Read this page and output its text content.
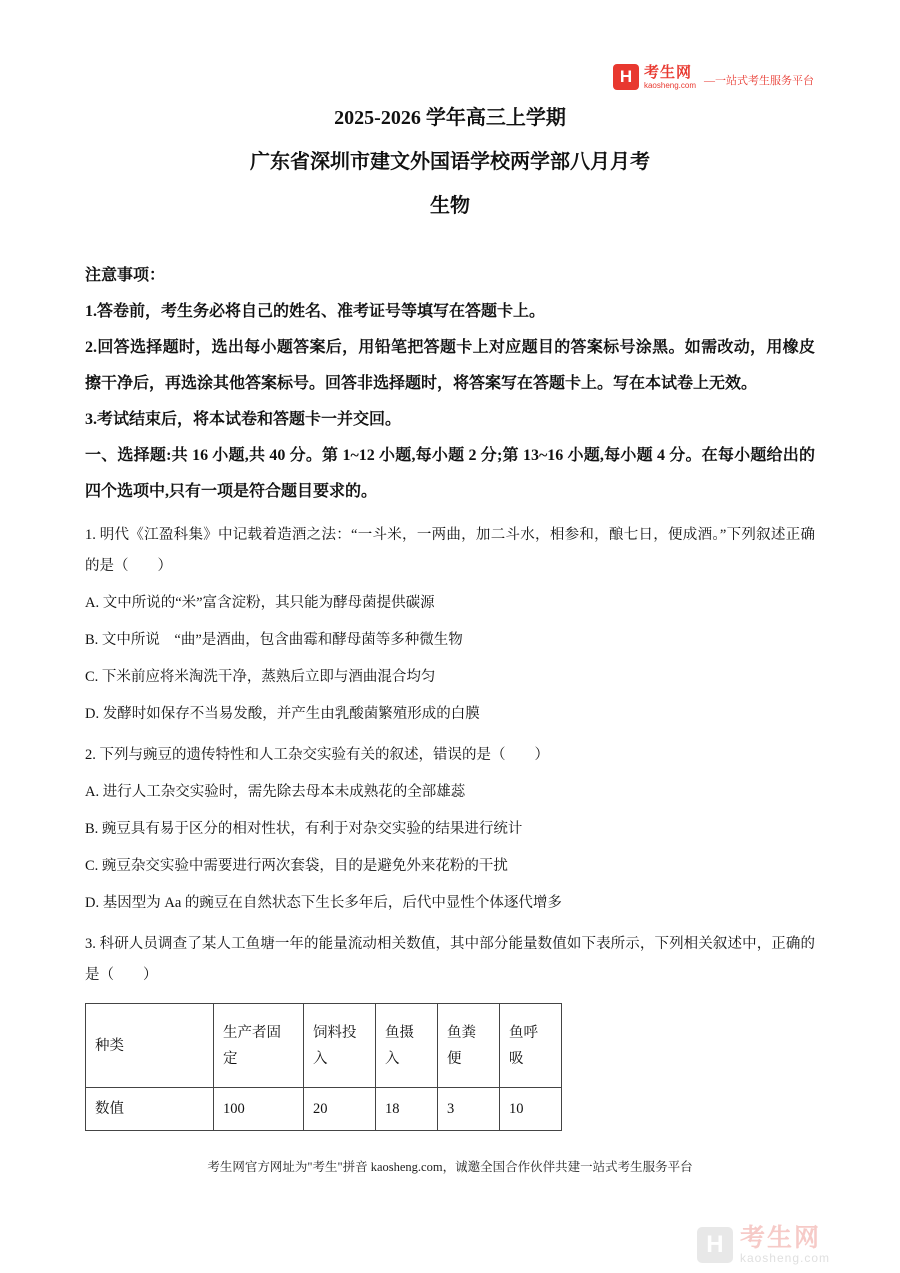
H 考生网
kaosheng.com —一站式考生服务平台
2025-2026 学年高三上学期
广东省深圳市建文外国语学校两学部八月月考
生物

注意事项：

1.答卷前，考生务必将自己的姓名、准考证号等填写在答题卡上。

2.回答选择题时，选出每小题答案后，用铅笔把答题卡上对应题目的答案标号涂黑。如需改动，用橡皮擦干净后，再选涂其他答案标号。回答非选择题时，将答案写在答题卡上。写在本试卷上无效。

3.考试结束后，将本试卷和答题卡一并交回。

一、选择题:共 16 小题,共 40 分。第 1~12 小题,每小题 2 分;第 13~16 小题,每小题 4 分。在每小题给出的四个选项中,只有一项是符合题目要求的。

1. 明代《江盈科集》中记载着造酒之法：“一斗米，一两曲，加二斗水，相参和，酿七日，便成酒。”下列叙述正确的是（　　）

A. 文中所说的“米”富含淀粉，其只能为酵母菌提供碳源

B. 文中所说　“曲”是酒曲，包含曲霉和酵母菌等多种微生物

C. 下米前应将米淘洗干净，蒸熟后立即与酒曲混合均匀

D. 发酵时如保存不当易发酸，并产生由乳酸菌繁殖形成的白膜

2. 下列与豌豆的遗传特性和人工杂交实验有关的叙述，错误的是（　　）

A. 进行人工杂交实验时，需先除去母本未成熟花的全部雄蕊

B. 豌豆具有易于区分的相对性状，有利于对杂交实验的结果进行统计

C. 豌豆杂交实验中需要进行两次套袋，目的是避免外来花粉的干扰

D. 基因型为 Aa 的豌豆在自然状态下生长多年后，后代中显性个体逐代增多

3. 科研人员调查了某人工鱼塘一年的能量流动相关数值，其中部分能量数值如下表所示，下列相关叙述中，正确的是（　　）

种类	生产者固定	饲料投入	鱼摄入	鱼粪便	鱼呼吸
数值	100	20	18	3	10

考生网官方网址为"考生"拼音 kaosheng.com，诚邀全国合作伙伴共建一站式考生服务平台

H 考生网
kaosheng.com
